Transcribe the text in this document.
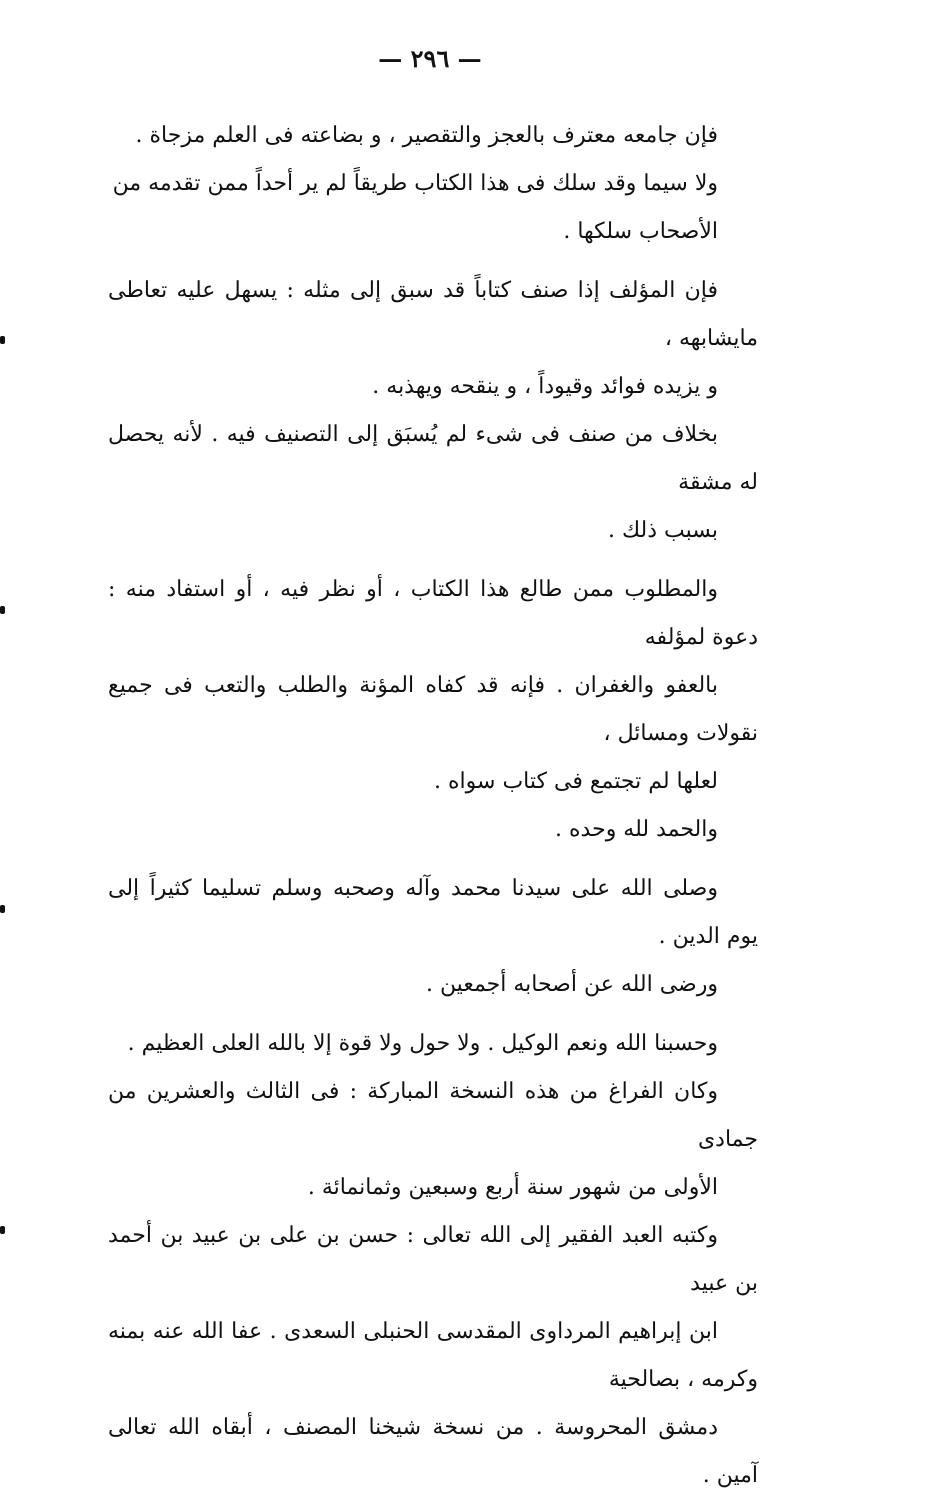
— ٢٩٦ —

فإن جامعه معترف بالعجز والتقصير ، و بضاعته فى العلم مزجاة .

ولا سيما وقد سلك فى هذا الكتاب طريقاً لم ير أحداً ممن تقدمه من
الأصحاب سلكها .

فإن المؤلف إذا صنف كتاباً قد سبق إلى مثله : يسهل عليه تعاطى مايشابهه ،
و يزيده فوائد وقيوداً ، و ينقحه ويهذبه .

بخلاف من صنف فى شىء لم يُسبَق إلى التصنيف فيه . لأنه يحصل له مشقة
بسبب ذلك .

والمطلوب ممن طالع هذا الكتاب ، أو نظر فيه ، أو استفاد منه : دعوة لمؤلفه
بالعفو والغفران . فإنه قد كفاه المؤنة والطلب والتعب فى جميع نقولات ومسائل ،
لعلها لم تجتمع فى كتاب سواه .

والحمد لله وحده .

وصلى الله على سيدنا محمد وآله وصحبه وسلم تسليما كثيراً إلى يوم الدين .
ورضى الله عن أصحابه أجمعين .

وحسبنا الله ونعم الوكيل . ولا حول ولا قوة إلا بالله العلى العظيم .

وكان الفراغ من هذه النسخة المباركة : فى الثالث والعشرين من جمادى
الأولى من شهور سنة أربع وسبعين وثمانمائة .

وكتبه العبد الفقير إلى الله تعالى : حسن بن على بن عبيد بن أحمد بن عبيد
ابن إبراهيم المرداوى المقدسى الحنبلى السعدى . عفا الله عنه بمنه وكرمه ، بصالحية
دمشق المحروسة . من نسخة شيخنا المصنف ، أبقاه الله تعالى آمين .
